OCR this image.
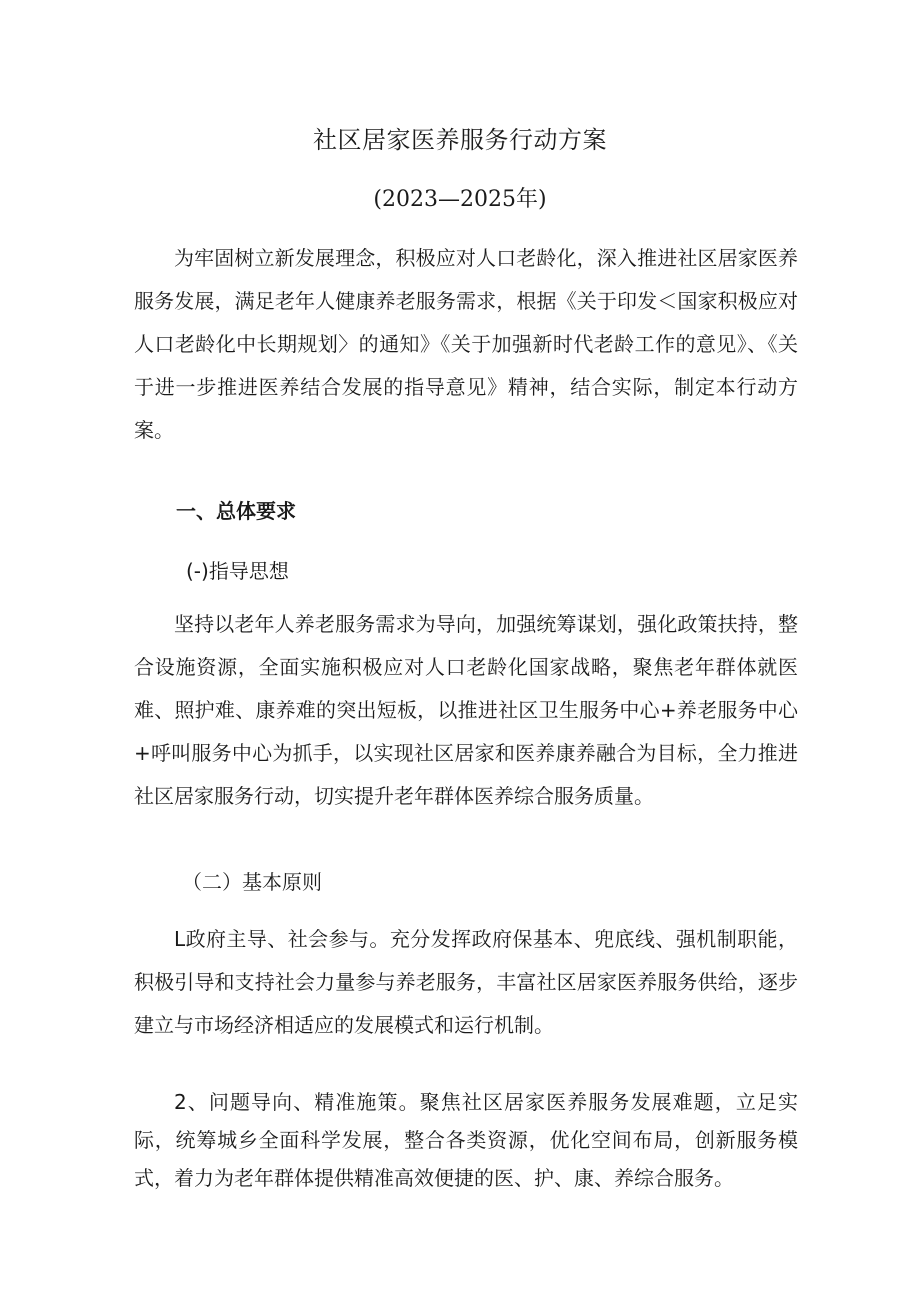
社区居家医养服务行动方案
(2023—2025年)

为牢固树立新发展理念，积极应对人口老龄化，深入推进社区居家医养服务发展，满足老年人健康养老服务需求，根据《关于印发＜国家积极应对人口老龄化中长期规划〉的通知》《关于加强新时代老龄工作的意见》、《关于进一步推进医养结合发展的指导意见》精神，结合实际，制定本行动方案。

一、总体要求

(-)指导思想

坚持以老年人养老服务需求为导向，加强统筹谋划，强化政策扶持，整合设施资源，全面实施积极应对人口老龄化国家战略，聚焦老年群体就医难、照护难、康养难的突出短板，以推进社区卫生服务中心+养老服务中心+呼叫服务中心为抓手，以实现社区居家和医养康养融合为目标，全力推进社区居家服务行动，切实提升老年群体医养综合服务质量。

（二）基本原则

L政府主导、社会参与。充分发挥政府保基本、兜底线、强机制职能，积极引导和支持社会力量参与养老服务，丰富社区居家医养服务供给，逐步建立与市场经济相适应的发展模式和运行机制。

2、问题导向、精准施策。聚焦社区居家医养服务发展难题，立足实际，统筹城乡全面科学发展，整合各类资源，优化空间布局，创新服务模式，着力为老年群体提供精准高效便捷的医、护、康、养综合服务。
